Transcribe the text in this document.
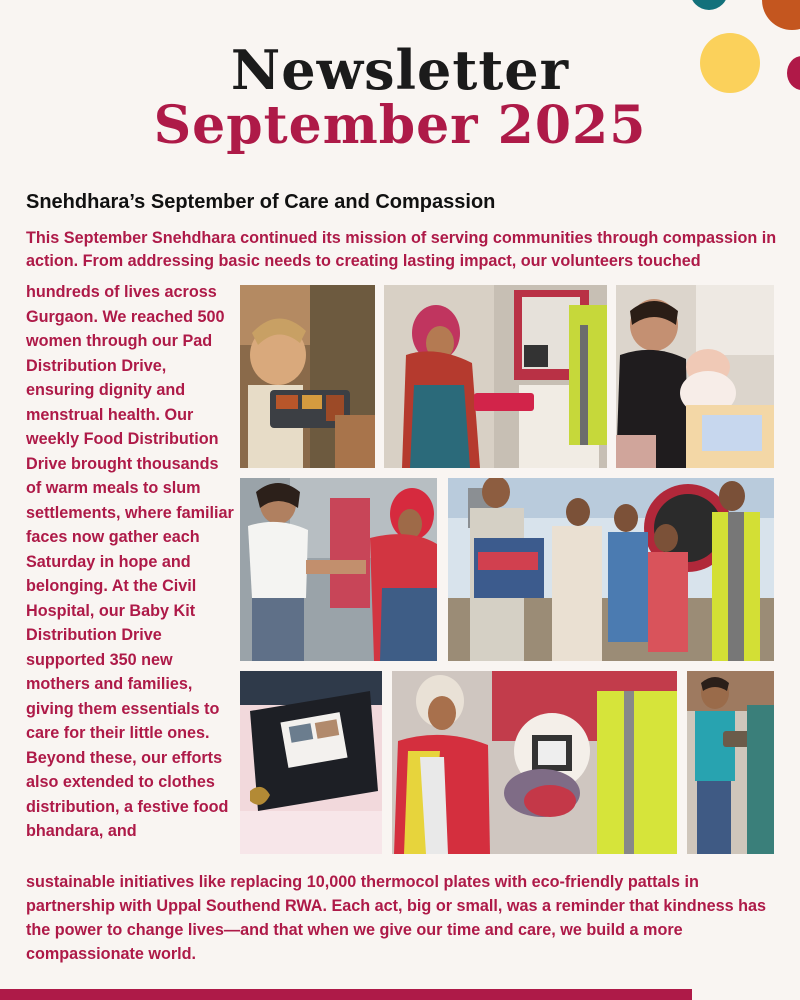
Newsletter
September 2025
Snehdhara’s September of Care and Compassion

This September Snehdhara continued its mission of serving communities through compassion in action. From addressing basic needs to creating lasting impact, our volunteers touched

hundreds of lives across Gurgaon. We reached 500 women through our Pad Distribution Drive, ensuring dignity and menstrual health. Our weekly Food Distribution Drive brought thousands of warm meals to slum settlements, where familiar faces now gather each Saturday in hope and belonging. At the Civil Hospital, our Baby Kit Distribution Drive supported 350 new mothers and families, giving them essentials to care for their little ones. Beyond these, our efforts also extended to clothes distribution, a festive food bhandara, and

sustainable initiatives like replacing 10,000 thermocol plates with eco-friendly pattals in partnership with Uppal Southend RWA. Each act, big or small, was a reminder that kindness has the power to change lives—and that when we give our time and care, we build a more compassionate world.
